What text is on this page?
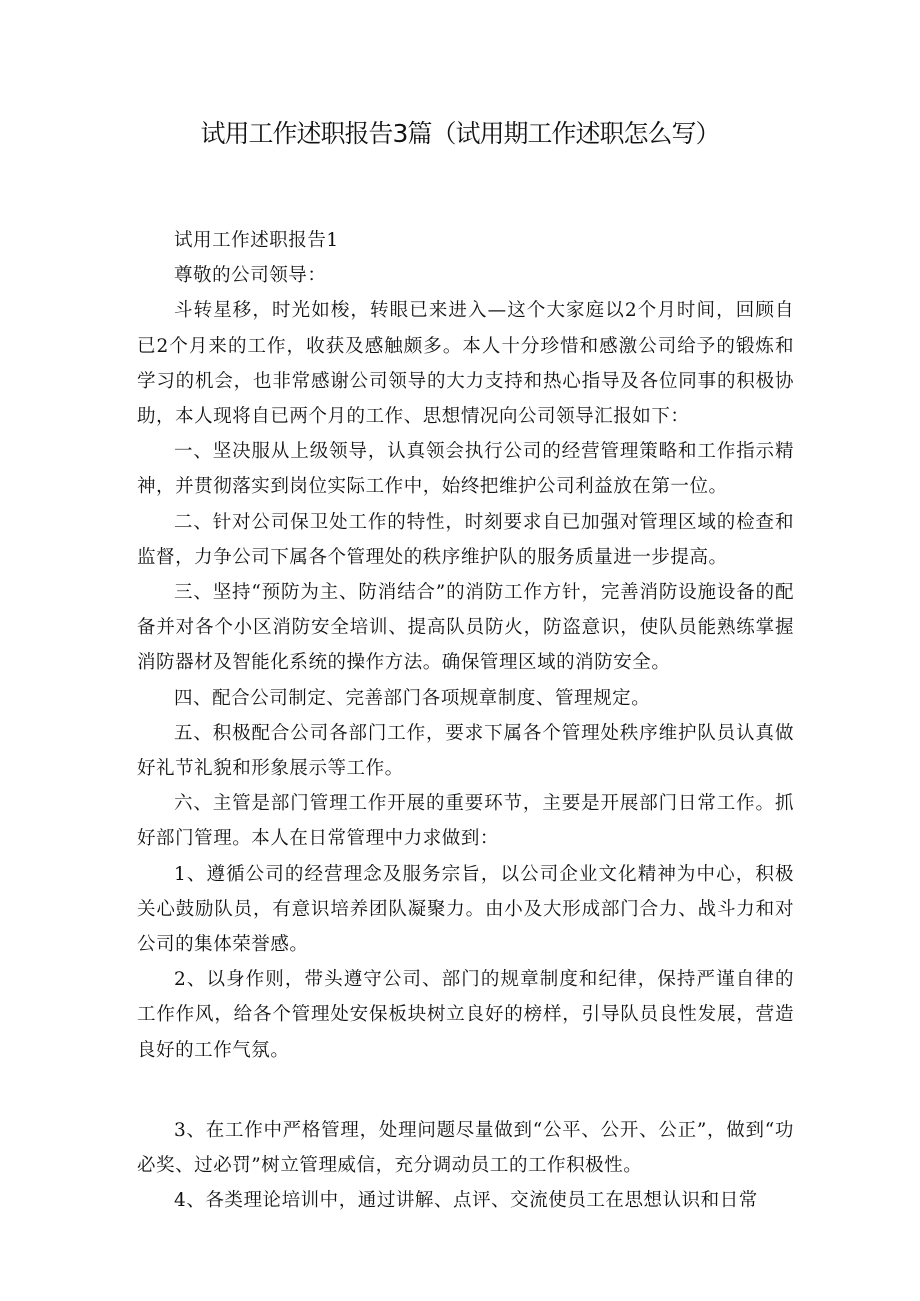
试用工作述职报告3篇（试用期工作述职怎么写）

试用工作述职报告1

尊敬的公司领导：

斗转星移，时光如梭，转眼已来进入—这个大家庭以2个月时间，回顾自已2个月来的工作，收获及感触颇多。本人十分珍惜和感激公司给予的锻炼和学习的机会，也非常感谢公司领导的大力支持和热心指导及各位同事的积极协助，本人现将自已两个月的工作、思想情况向公司领导汇报如下：

一、坚决服从上级领导，认真领会执行公司的经营管理策略和工作指示精神，并贯彻落实到岗位实际工作中，始终把维护公司利益放在第一位。

二、针对公司保卫处工作的特性，时刻要求自已加强对管理区域的检查和监督，力争公司下属各个管理处的秩序维护队的服务质量进一步提高。

三、坚持“预防为主、防消结合”的消防工作方针，完善消防设施设备的配备并对各个小区消防安全培训、提高队员防火，防盗意识，使队员能熟练掌握消防器材及智能化系统的操作方法。确保管理区域的消防安全。

四、配合公司制定、完善部门各项规章制度、管理规定。

五、积极配合公司各部门工作，要求下属各个管理处秩序维护队员认真做好礼节礼貌和形象展示等工作。

六、主管是部门管理工作开展的重要环节，主要是开展部门日常工作。抓好部门管理。本人在日常管理中力求做到：

1、遵循公司的经营理念及服务宗旨，以公司企业文化精神为中心，积极关心鼓励队员，有意识培养团队凝聚力。由小及大形成部门合力、战斗力和对公司的集体荣誉感。

2、以身作则，带头遵守公司、部门的规章制度和纪律，保持严谨自律的工作作风，给各个管理处安保板块树立良好的榜样，引导队员良性发展，营造良好的工作气氛。

3、在工作中严格管理，处理问题尽量做到“公平、公开、公正”，做到“功必奖、过必罚”树立管理威信，充分调动员工的工作积极性。

4、各类理论培训中，通过讲解、点评、交流使员工在思想认识和日常
